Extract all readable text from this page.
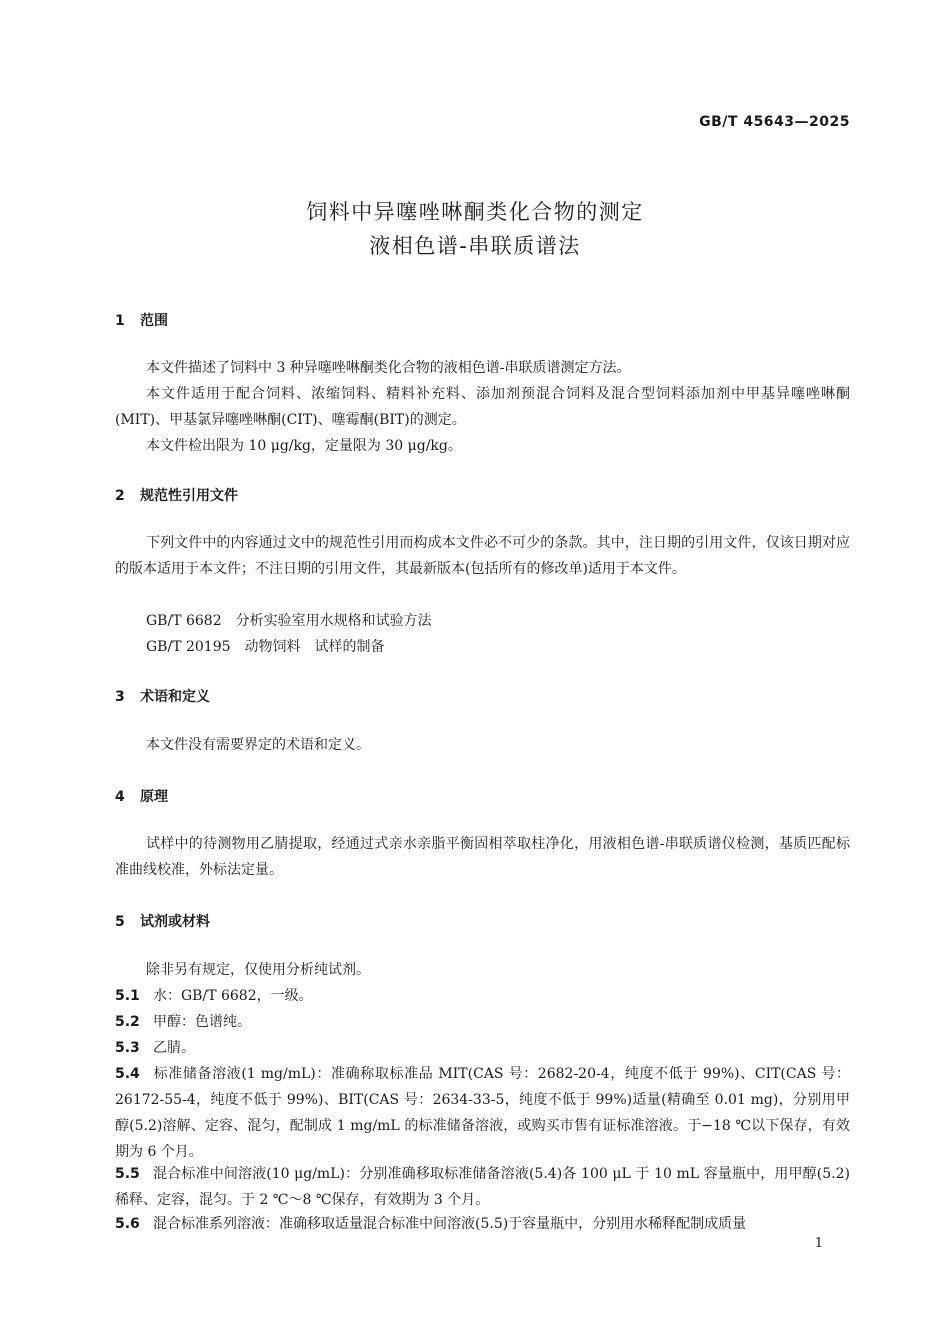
GB/T 45643—2025
饲料中异噻唑啉酮类化合物的测定
液相色谱-串联质谱法
1 范围

本文件描述了饲料中 3 种异噻唑啉酮类化合物的液相色谱-串联质谱测定方法。

本文件适用于配合饲料、浓缩饲料、精料补充料、添加剂预混合饲料及混合型饲料添加剂中甲基异噻唑啉酮(MIT)、甲基氯异噻唑啉酮(CIT)、噻霉酮(BIT)的测定。

本文件检出限为 10 μg/kg，定量限为 30 μg/kg。

2 规范性引用文件

下列文件中的内容通过文中的规范性引用而构成本文件必不可少的条款。其中，注日期的引用文件，仅该日期对应的版本适用于本文件；不注日期的引用文件，其最新版本(包括所有的修改单)适用于本文件。

GB/T 6682 分析实验室用水规格和试验方法
GB/T 20195 动物饲料　试样的制备
3 术语和定义

本文件没有需要界定的术语和定义。

4 原理

试样中的待测物用乙腈提取，经通过式亲水亲脂平衡固相萃取柱净化，用液相色谱-串联质谱仪检测，基质匹配标准曲线校准，外标法定量。

5 试剂或材料

除非另有规定，仅使用分析纯试剂。

5.1 水：GB/T 6682，一级。

5.2 甲醇：色谱纯。

5.3 乙腈。

5.4 标准储备溶液(1 mg/mL)：准确称取标准品 MIT(CAS 号：2682-20-4，纯度不低于 99%)、CIT(CAS 号：26172-55-4，纯度不低于 99%)、BIT(CAS 号：2634-33-5，纯度不低于 99%)适量(精确至 0.01 mg)，分别用甲醇(5.2)溶解、定容、混匀，配制成 1 mg/mL 的标准储备溶液，或购买市售有证标准溶液。于−18 ℃以下保存，有效期为 6 个月。

5.5 混合标准中间溶液(10 μg/mL)：分别准确移取标准储备溶液(5.4)各 100 μL 于 10 mL 容量瓶中，用甲醇(5.2)稀释、定容，混匀。于 2 ℃～8 ℃保存，有效期为 3 个月。

5.6 混合标准系列溶液：准确移取适量混合标准中间溶液(5.5)于容量瓶中，分别用水稀释配制成质量

1
